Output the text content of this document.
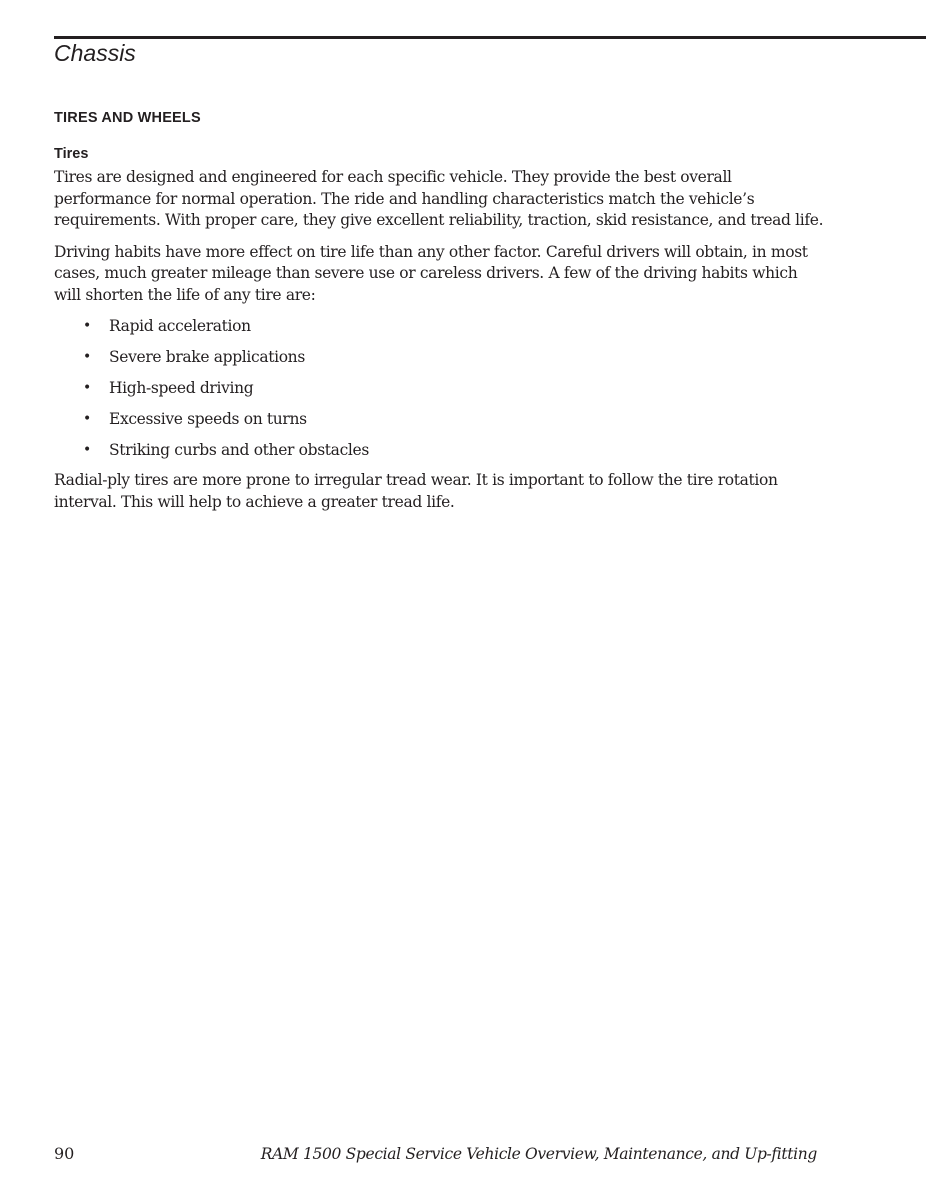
Chassis
TIRES AND WHEELS
Tires

Tires are designed and engineered for each specific vehicle. They provide the best overall performance for normal operation. The ride and handling characteristics match the vehicle’s requirements. With proper care, they give excellent reliability, traction, skid resistance, and tread life.

Driving habits have more effect on tire life than any other factor. Careful drivers will obtain, in most cases, much greater mileage than severe use or careless drivers. A few of the driving habits which will shorten the life of any tire are:

• Rapid acceleration
• Severe brake applications
• High-speed driving
• Excessive speeds on turns
• Striking curbs and other obstacles

Radial-ply tires are more prone to irregular tread wear. It is important to follow the tire rotation interval. This will help to achieve a greater tread life.

90	RAM 1500 Special Service Vehicle Overview, Maintenance, and Up-fitting
